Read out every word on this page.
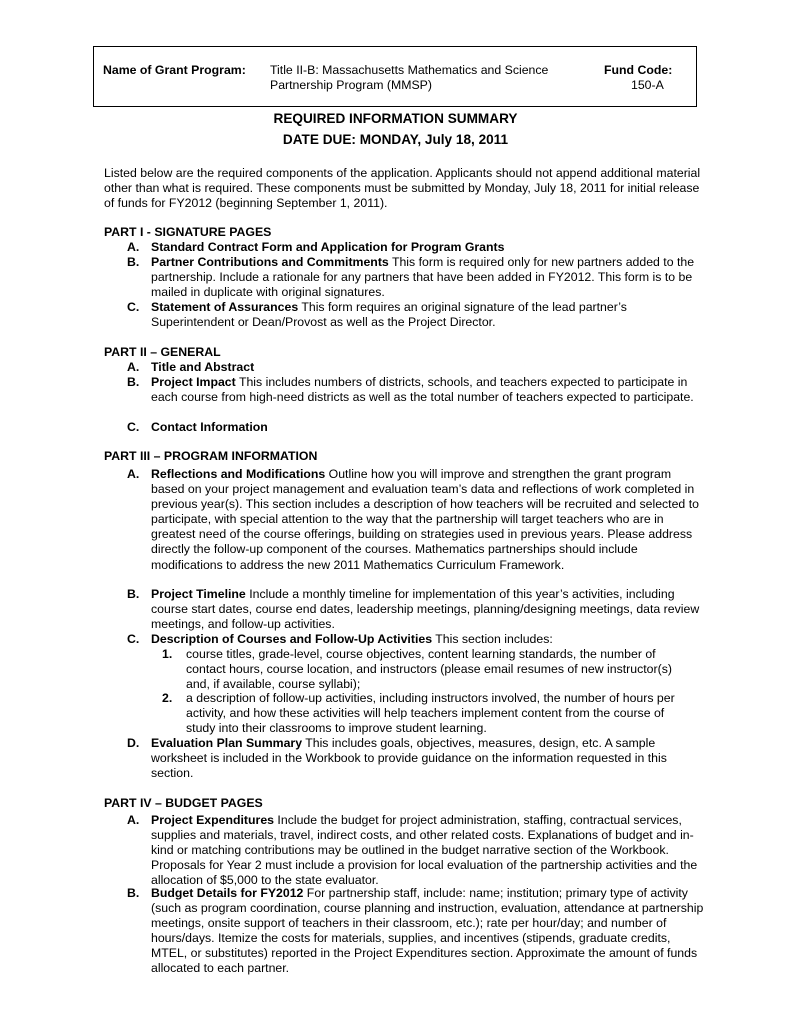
Name of Grant Program: Title II-B: Massachusetts Mathematics and Science
Partnership Program (MMSP)
Fund Code:
150-A
REQUIRED INFORMATION SUMMARY
DATE DUE: MONDAY, July 18, 2011
Listed below are the required components of the application. Applicants should not append additional material other than what is required. These components must be submitted by Monday, July 18, 2011 for initial release of funds for FY2012 (beginning September 1, 2011).
PART I - SIGNATURE PAGES
A. Standard Contract Form and Application for Program Grants
B. Partner Contributions and Commitments This form is required only for new partners added to the partnership. Include a rationale for any partners that have been added in FY2012. This form is to be mailed in duplicate with original signatures.
C. Statement of Assurances This form requires an original signature of the lead partner’s Superintendent or Dean/Provost as well as the Project Director.
PART II – GENERAL
A. Title and Abstract
B. Project Impact This includes numbers of districts, schools, and teachers expected to participate in each course from high-need districts as well as the total number of teachers expected to participate.
C. Contact Information
PART III – PROGRAM INFORMATION
A. Reflections and Modifications Outline how you will improve and strengthen the grant program based on your project management and evaluation team’s data and reflections of work completed in previous year(s). This section includes a description of how teachers will be recruited and selected to participate, with special attention to the way that the partnership will target teachers who are in greatest need of the course offerings, building on strategies used in previous years. Please address directly the follow-up component of the courses. Mathematics partnerships should include modifications to address the new 2011 Mathematics Curriculum Framework.
B. Project Timeline Include a monthly timeline for implementation of this year’s activities, including course start dates, course end dates, leadership meetings, planning/designing meetings, data review meetings, and follow-up activities.
C. Description of Courses and Follow-Up Activities This section includes:
1. course titles, grade-level, course objectives, content learning standards, the number of contact hours, course location, and instructors (please email resumes of new instructor(s) and, if available, course syllabi);
2. a description of follow-up activities, including instructors involved, the number of hours per activity, and how these activities will help teachers implement content from the course of study into their classrooms to improve student learning.
D. Evaluation Plan Summary This includes goals, objectives, measures, design, etc. A sample worksheet is included in the Workbook to provide guidance on the information requested in this section.
PART IV – BUDGET PAGES
A. Project Expenditures Include the budget for project administration, staffing, contractual services, supplies and materials, travel, indirect costs, and other related costs. Explanations of budget and in-kind or matching contributions may be outlined in the budget narrative section of the Workbook. Proposals for Year 2 must include a provision for local evaluation of the partnership activities and the allocation of $5,000 to the state evaluator.
B. Budget Details for FY2012 For partnership staff, include: name; institution; primary type of activity (such as program coordination, course planning and instruction, evaluation, attendance at partnership meetings, onsite support of teachers in their classroom, etc.); rate per hour/day; and number of hours/days. Itemize the costs for materials, supplies, and incentives (stipends, graduate credits, MTEL, or substitutes) reported in the Project Expenditures section. Approximate the amount of funds allocated to each partner.
